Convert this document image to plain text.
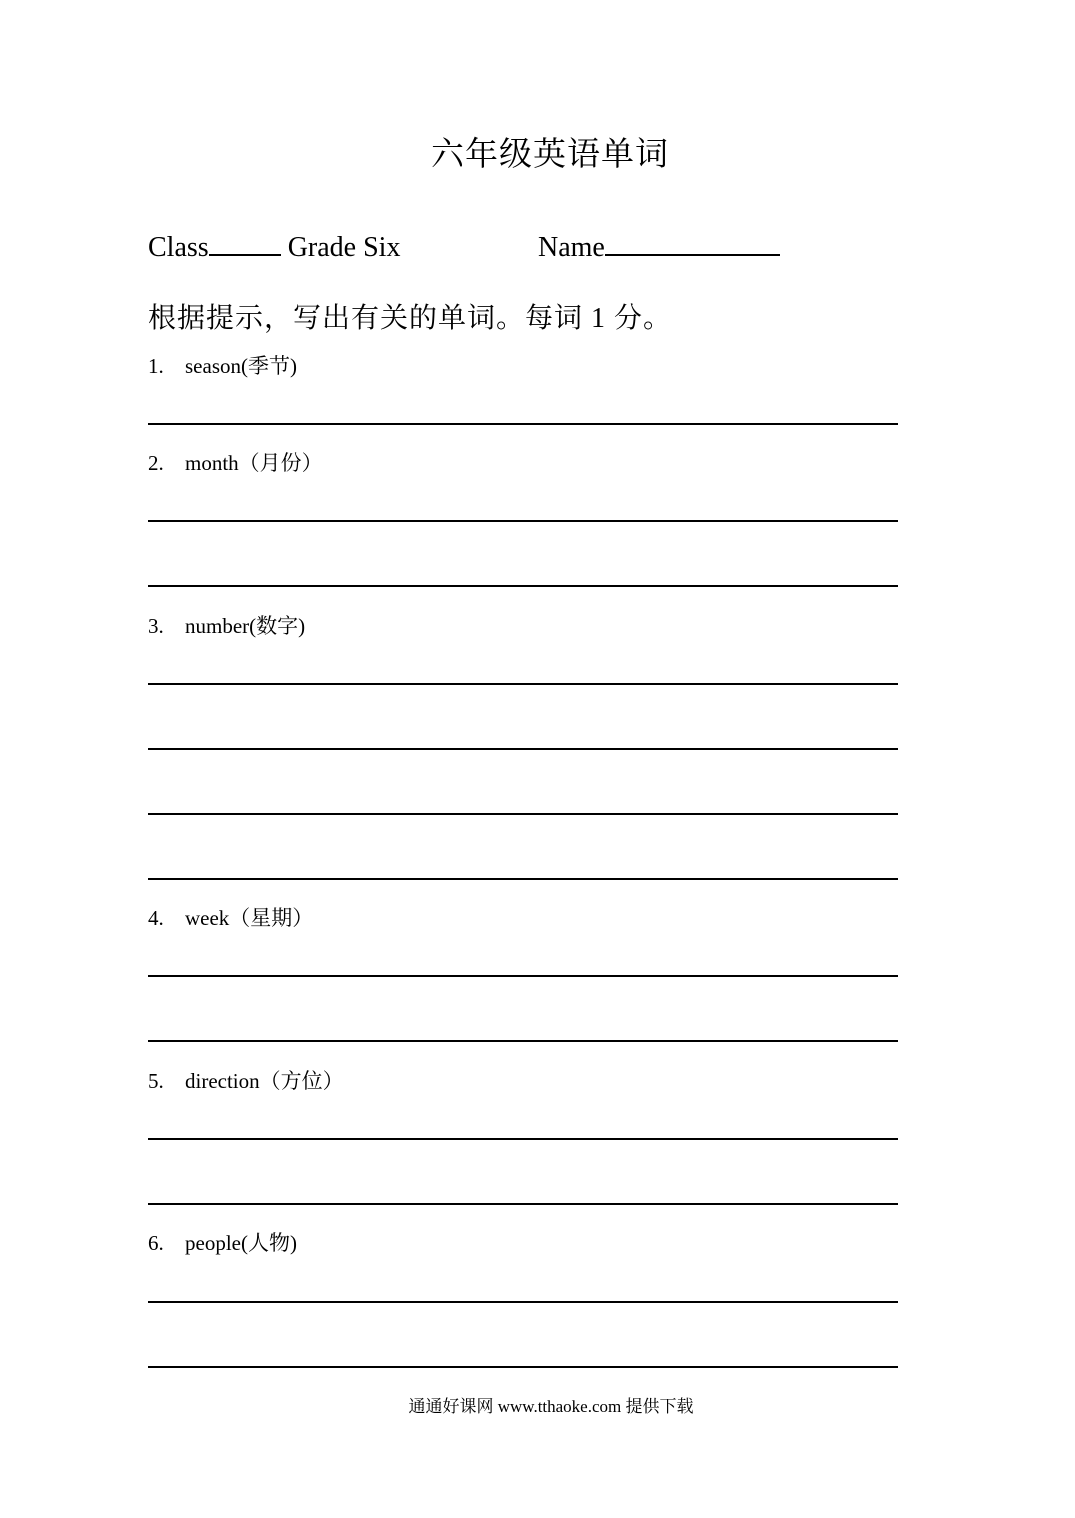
六年级英语单词
Class	Grade Six	Name
根据提示，写出有关的单词。每词 1 分。
1. season(季节)
2. month（月份）
3. number(数字)
4. week（星期）
5. direction（方位）
6. people(人物)
通通好课网 www.tthaoke.com 提供下载
